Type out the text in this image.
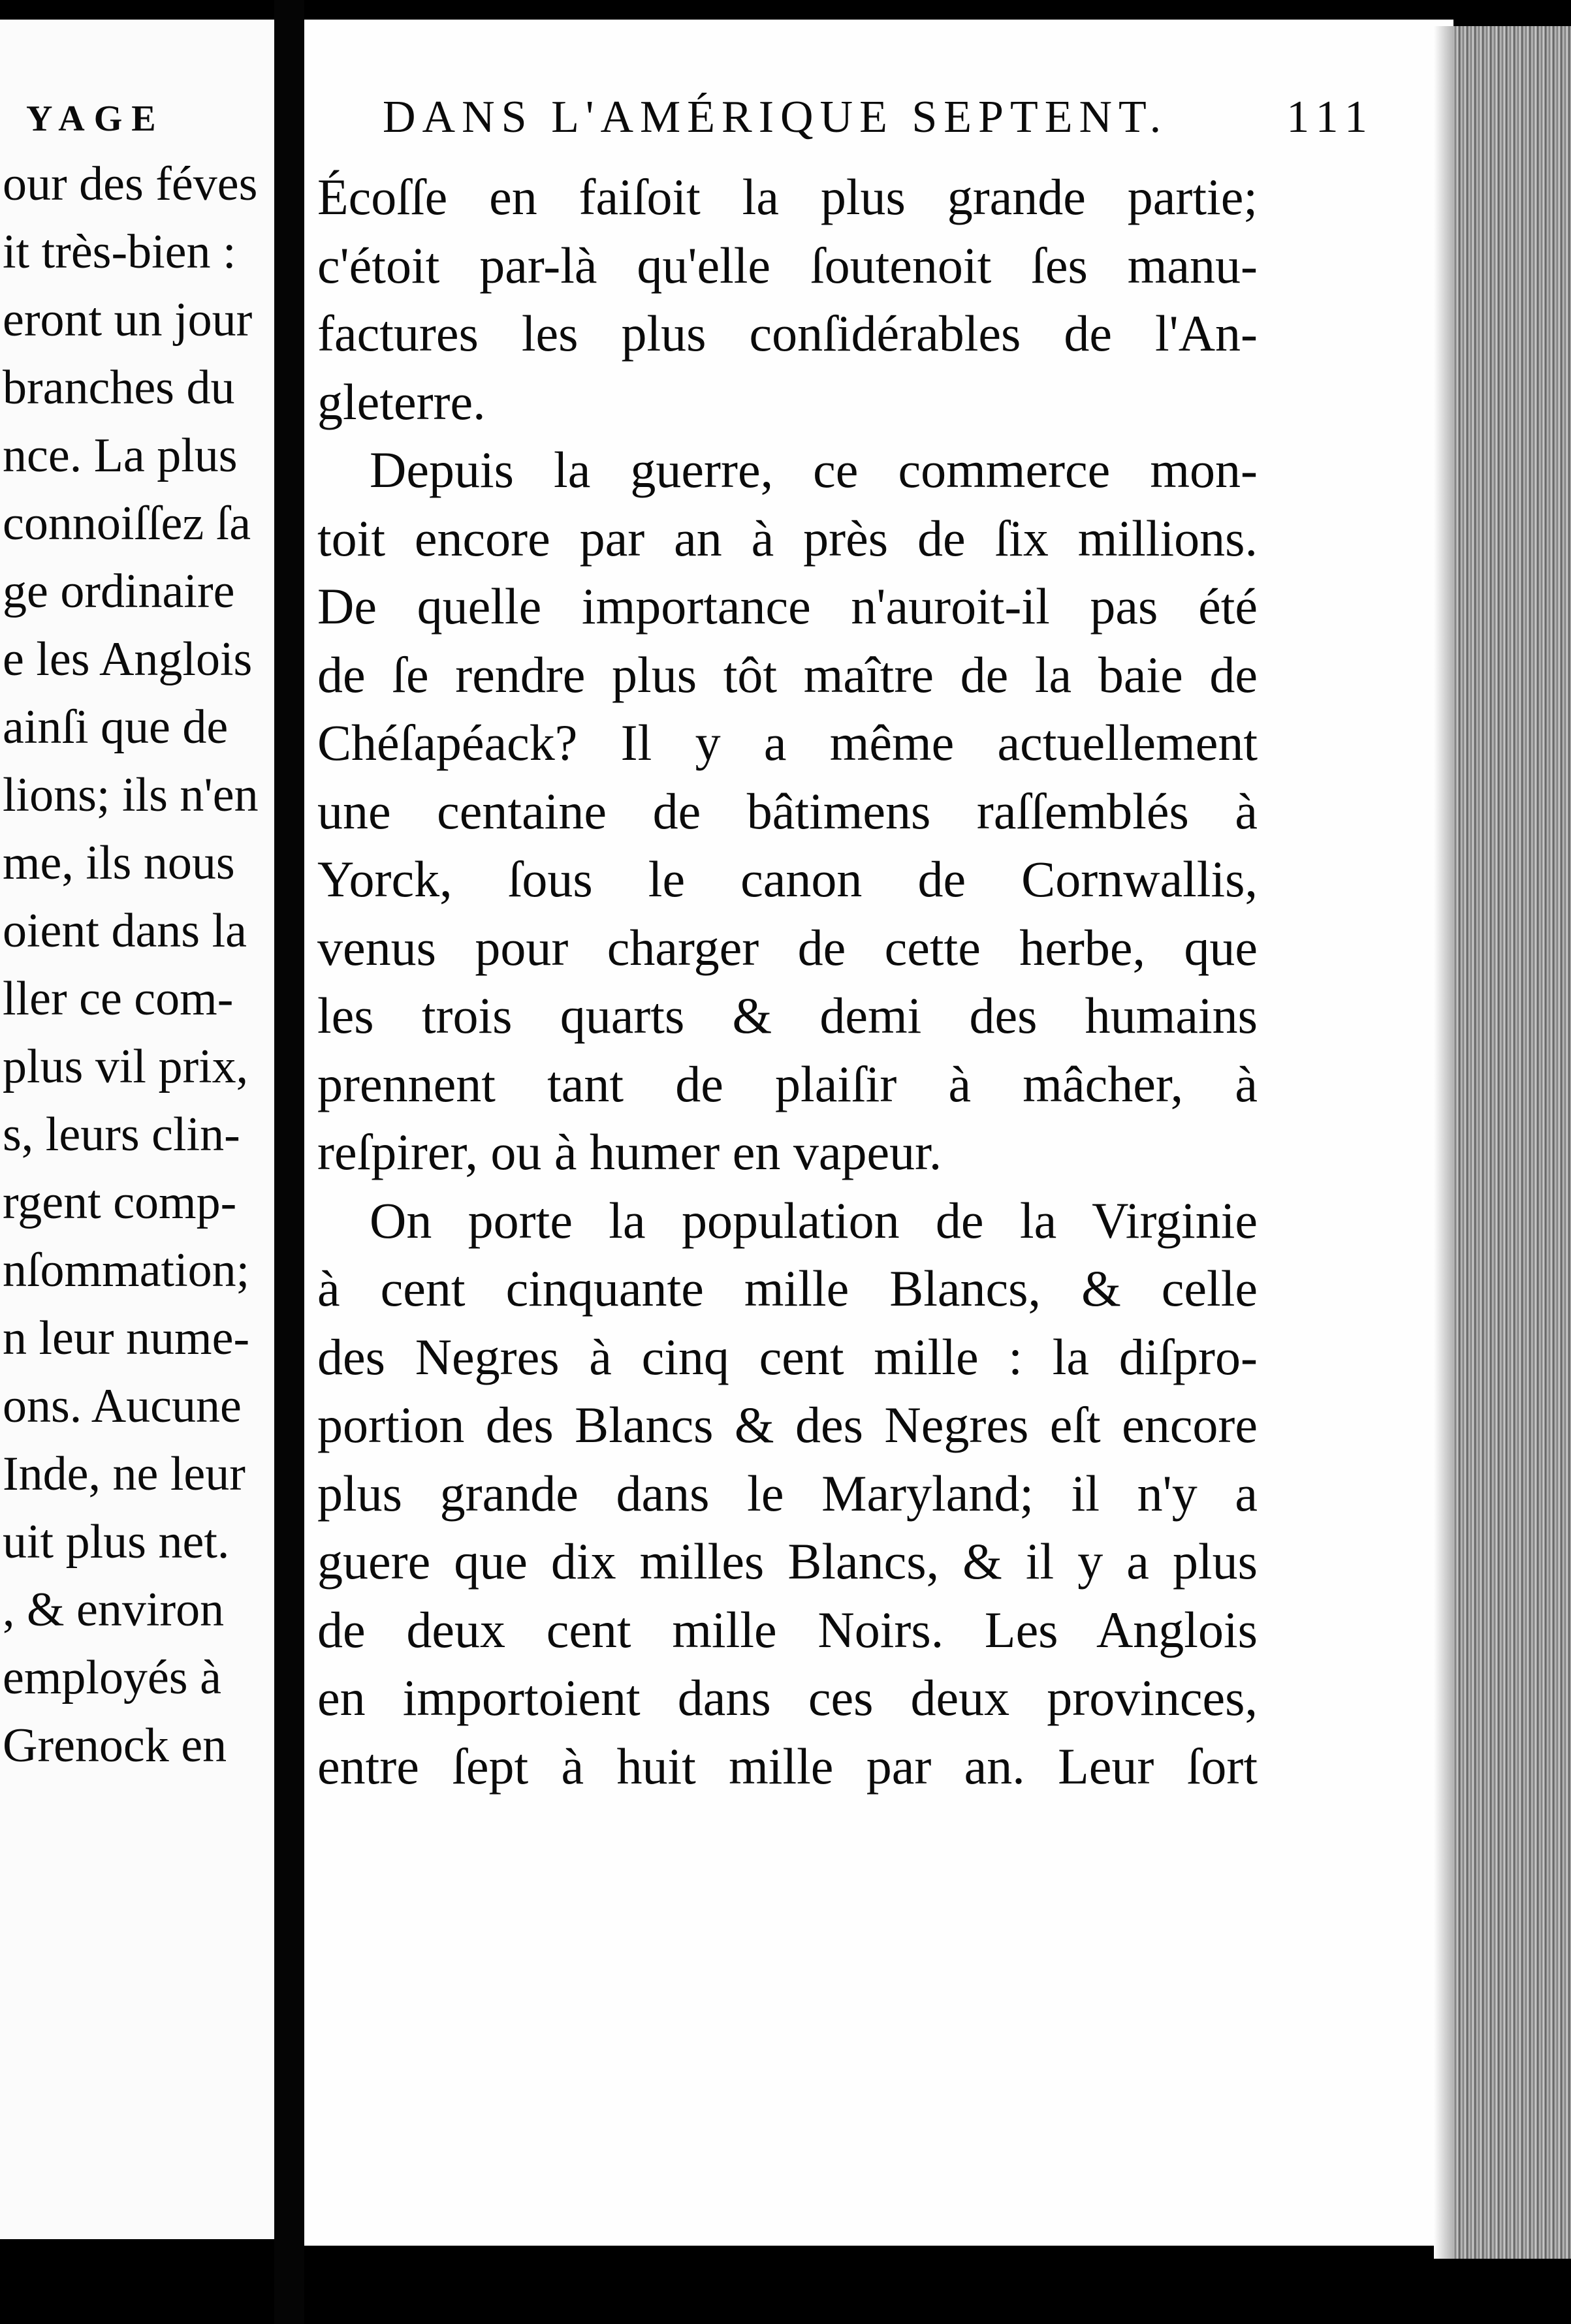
YAGE
our des féves
it très-bien :
eront un jour
branches du
nce. La plus
connoiſſez ſa
ge ordinaire
e les Anglois
ainſi que de
lions; ils n'en
me, ils nous
oient dans la
ller ce com-
plus vil prix,
s, leurs clin-
rgent comp-
nſommation;
n leur nume-
ons. Aucune
Inde, ne leur
uit plus net.
, & environ
employés à
Grenock en
DANS L'AMÉRIQUE SEPTENT.	111
Écoſſe en faiſoit la plus grande partie;
c'étoit par-là qu'elle ſoutenoit ſes manu-
factures les plus conſidérables de l'An-
gleterre.
Depuis la guerre, ce commerce mon-
toit encore par an à près de ſix millions.
De quelle importance n'auroit-il pas été
de ſe rendre plus tôt maître de la baie de
Chéſapéack? Il y a même actuellement
une centaine de bâtimens raſſemblés à
Yorck, ſous le canon de Cornwallis,
venus pour charger de cette herbe, que
les trois quarts & demi des humains
prennent tant de plaiſir à mâcher, à
reſpirer, ou à humer en vapeur.
On porte la population de la Virginie
à cent cinquante mille Blancs, & celle
des Negres à cinq cent mille : la diſpro-
portion des Blancs & des Negres eſt encore
plus grande dans le Maryland; il n'y a
guere que dix milles Blancs, & il y a plus
de deux cent mille Noirs. Les Anglois
en importoient dans ces deux provinces,
entre ſept à huit mille par an. Leur ſort
